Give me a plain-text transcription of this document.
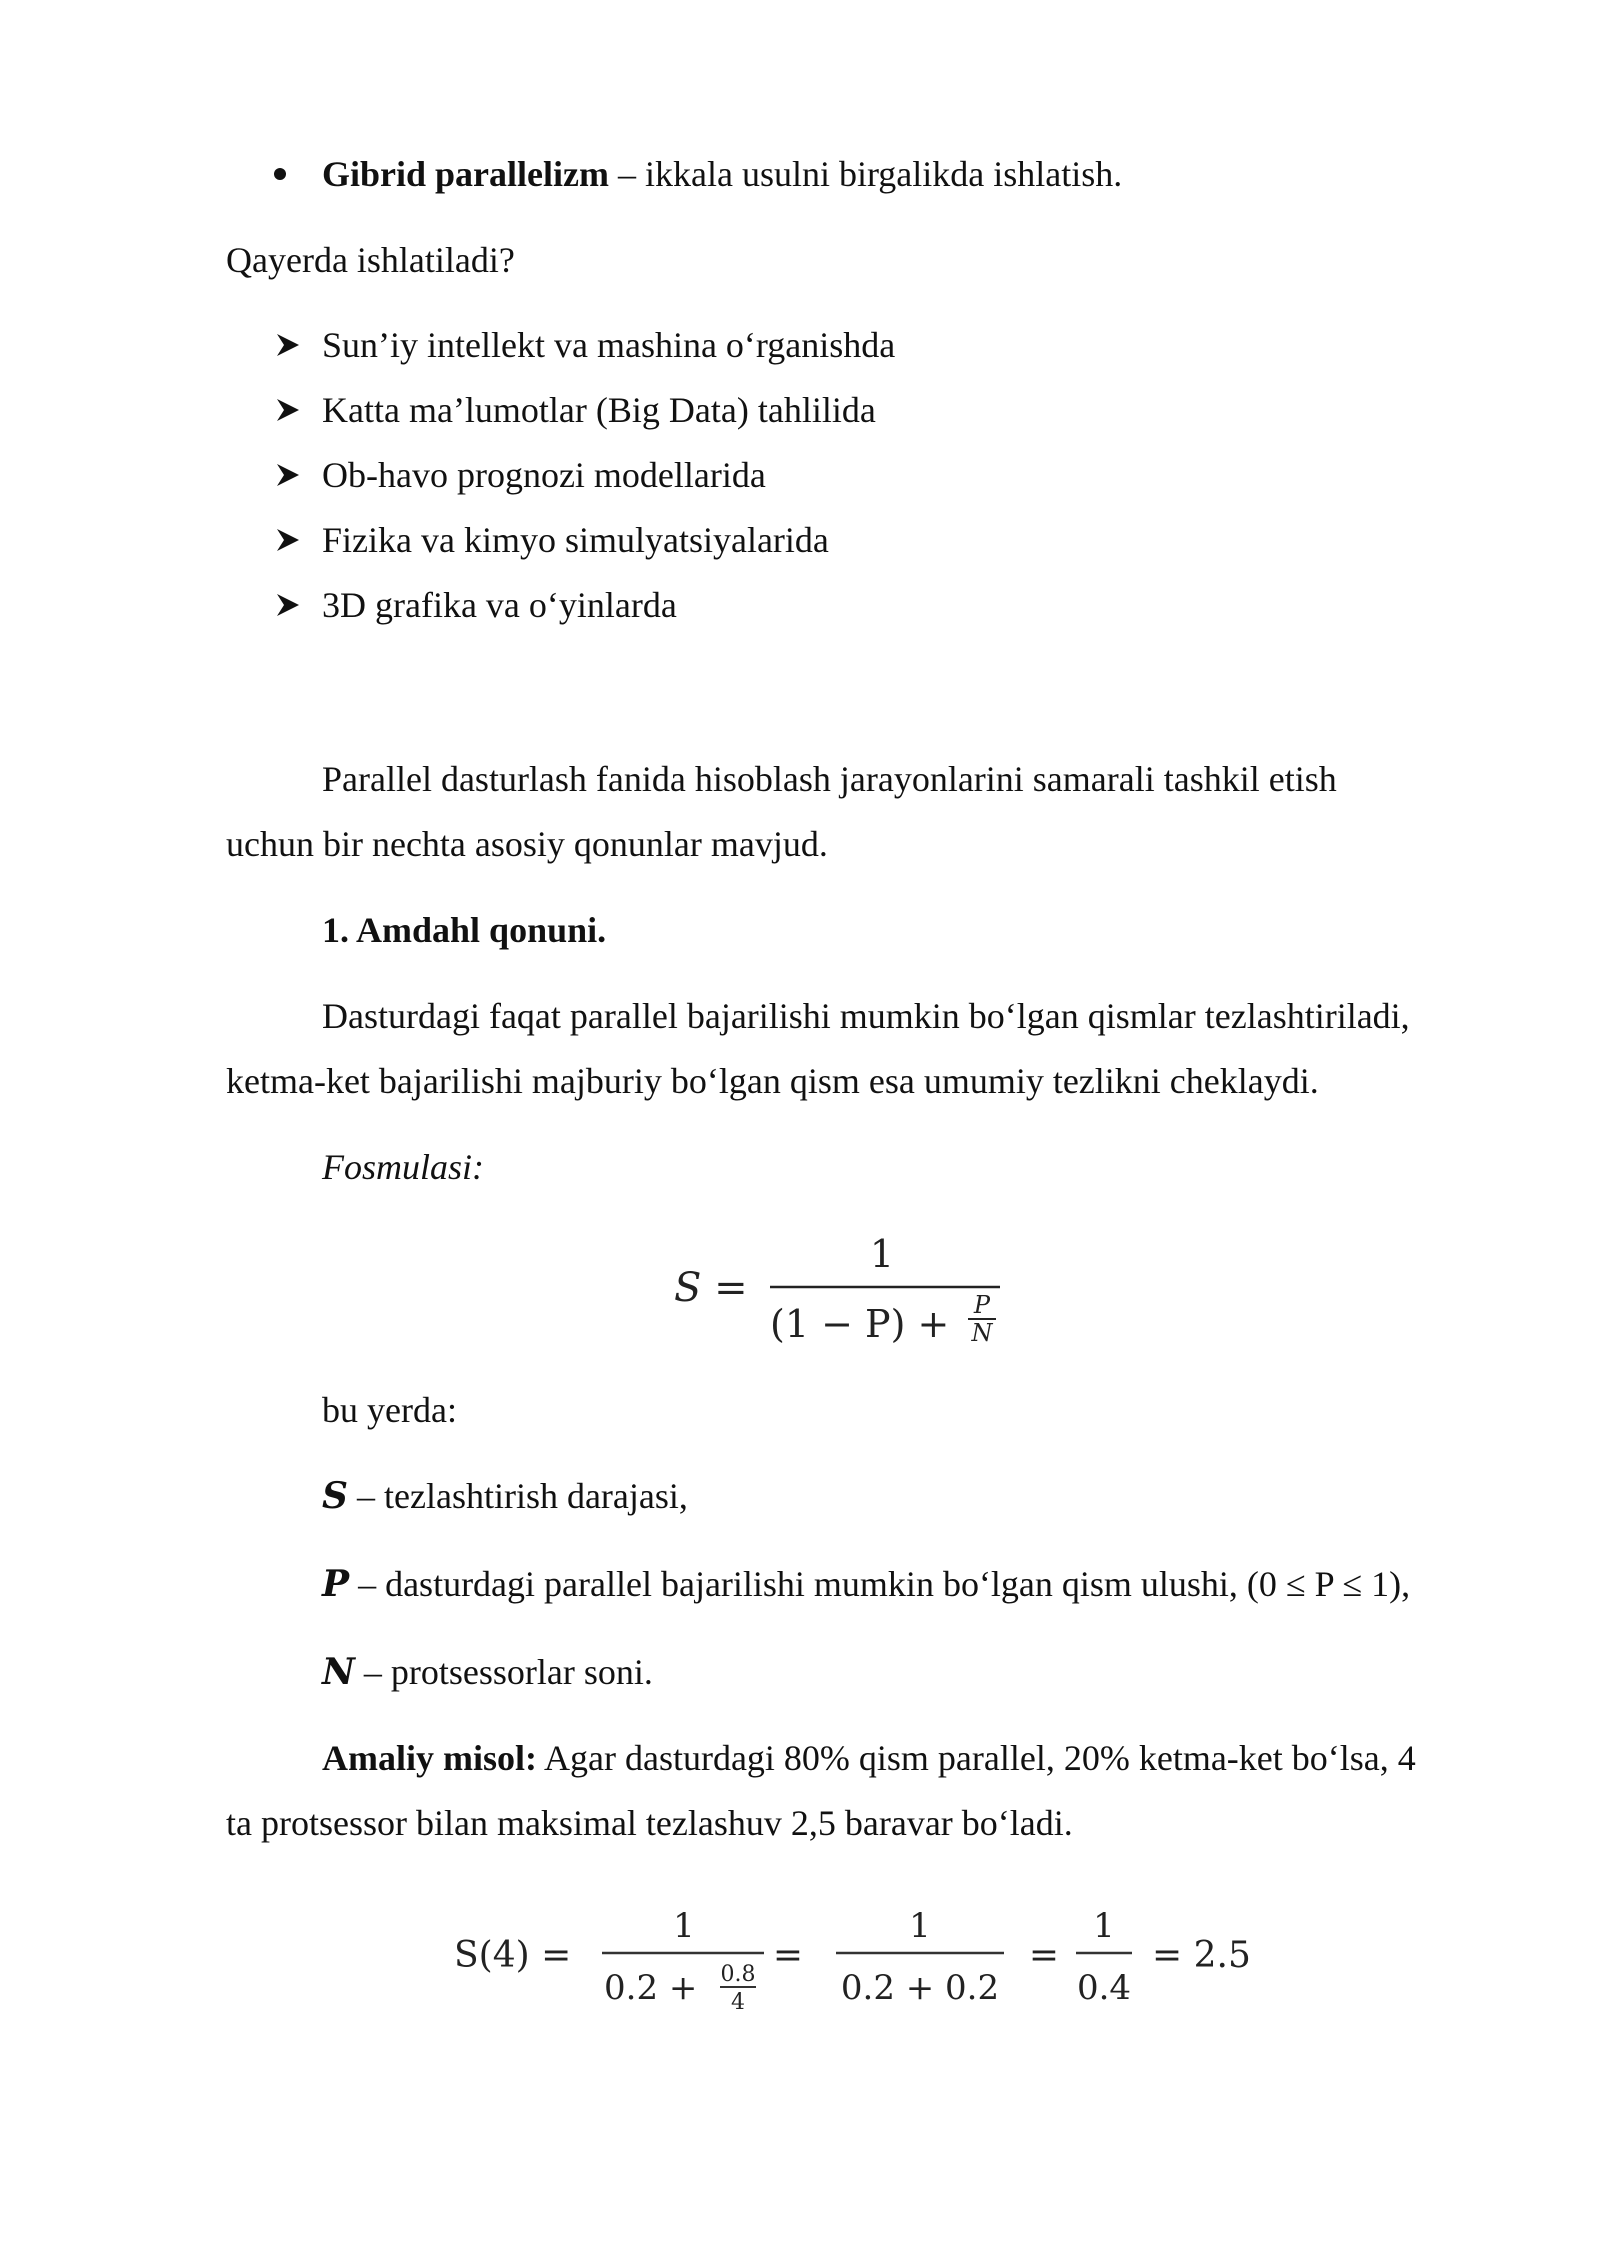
Gibrid parallelizm – ikkala usulni birgalikda ishlatish.
Qayerda ishlatiladi?
Sun’iy intellekt va mashina o‘rganishda
Katta ma’lumotlar (Big Data) tahlilida
Ob-havo prognozi modellarida
Fizika va kimyo simulyatsiyalarida
3D grafika va o‘yinlarda
Parallel dasturlash fanida hisoblash jarayonlarini samarali tashkil etish
uchun bir nechta asosiy qonunlar mavjud.
1. Amdahl qonuni.
Dasturdagi faqat parallel bajarilishi mumkin bo‘lgan qismlar tezlashtiriladi,
ketma-ket bajarilishi majburiy bo‘lgan qism esa umumiy tezlikni cheklaydi.
Fosmulasi:
S =
1
(1 − P) + P
N
bu yerda:
S – tezlashtirish darajasi,
P – dasturdagi parallel bajarilishi mumkin bo‘lgan qism ulushi, (0 ≤ P ≤ 1),
N – protsessorlar soni.
Amaliy misol: Agar dasturdagi 80% qism parallel, 20% ketma-ket bo‘lsa, 4
ta protsessor bilan maksimal tezlashuv 2,5 baravar bo‘ladi.
S(4) =
1
0.2 + 0.8
4
=
1
0.2 + 0.2
=
1
0.4
= 2.5
